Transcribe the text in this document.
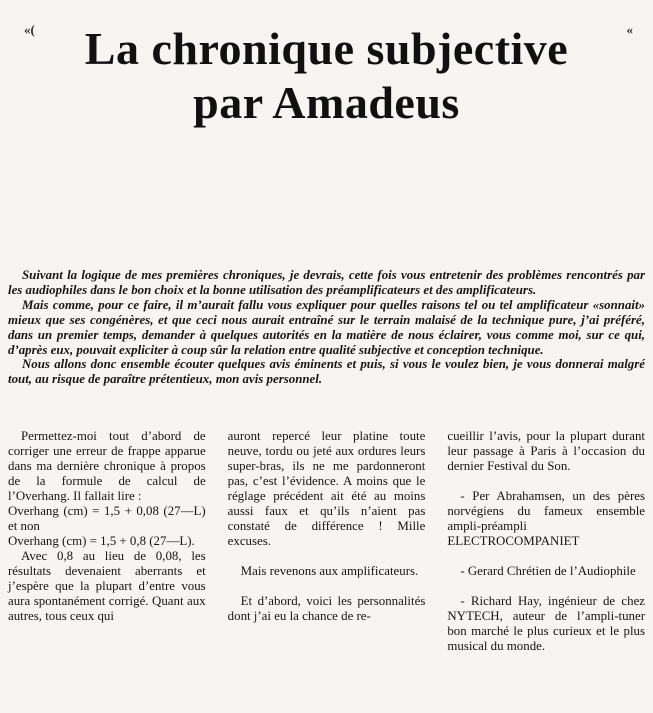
«(	«
La chronique subjective
par Amadeus

Suivant la logique de mes premières chroniques, je devrais, cette fois vous entretenir des problèmes rencontrés par les audiophiles dans le bon choix et la bonne utilisation des préamplificateurs et des amplificateurs.

Mais comme, pour ce faire, il m’aurait fallu vous expliquer pour quelles raisons tel ou tel amplificateur «sonnait» mieux que ses congénères, et que ceci nous aurait entraîné sur le terrain malaisé de la technique pure, j’ai préféré, dans un premier temps, demander à quelques autorités en la matière de nous éclairer, vous comme moi, sur ce qui, d’après eux, pouvait expliciter à coup sûr la relation entre qualité subjective et conception technique.

Nous allons donc ensemble écouter quelques avis éminents et puis, si vous le voulez bien, je vous donnerai malgré tout, au risque de paraître prétentieux, mon avis personnel.

Permettez-moi tout d’abord de corriger une erreur de frappe apparue dans ma dernière chronique à propos de la formule de calcul de l’Overhang. Il fallait lire :

Overhang (cm) = 1,5 + 0,08 (27—L) et non

Overhang (cm) = 1,5 + 0,8 (27—L).

Avec 0,8 au lieu de 0,08, les résultats devenaient aberrants et j’espère que la plupart d’entre vous aura spontanément corrigé. Quant aux autres, tous ceux qui

auront repercé leur platine toute neuve, tordu ou jeté aux ordures leurs super-bras, ils ne me pardonneront pas, c’est l’évidence. A moins que le réglage précédent ait été au moins aussi faux et qu’ils n’aient pas constaté de différence ! Mille excuses.

Mais revenons aux amplificateurs.

Et d’abord, voici les personnalités dont j’ai eu la chance de re-

cueillir l’avis, pour la plupart durant leur passage à Paris à l’occasion du dernier Festival du Son.

- Per Abrahamsen, un des pères norvégiens du fameux ensemble ampli-préampli ELECTROCOMPANIET

- Gerard Chrétien de l’Audiophile

- Richard Hay, ingénieur de chez NYTECH, auteur de l’ampli-tuner bon marché le plus curieux et le plus musical du monde.
